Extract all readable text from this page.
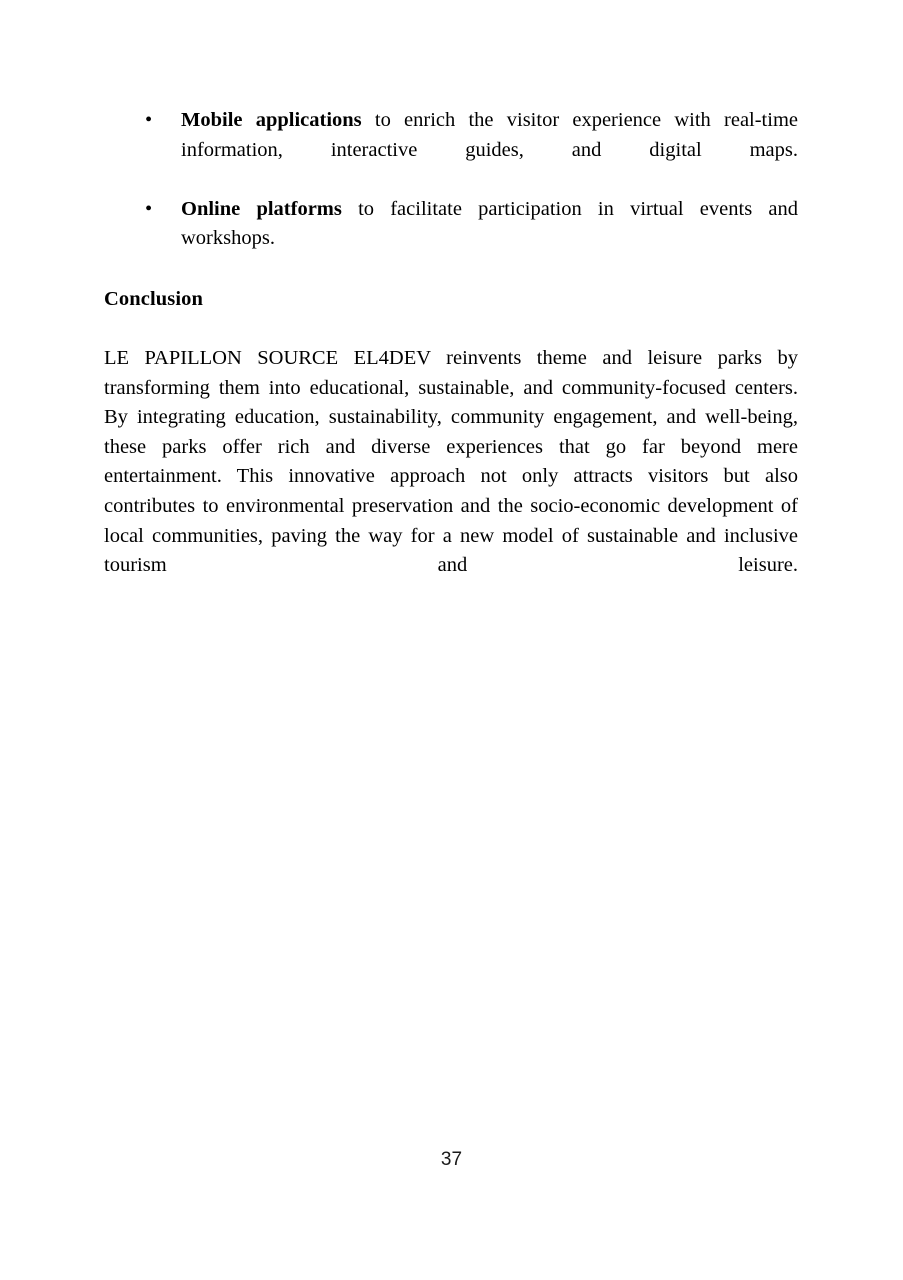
• Mobile applications to enrich the visitor experience with real-time information, interactive guides, and digital maps.
• Online platforms to facilitate participation in virtual events and workshops.
Conclusion

LE PAPILLON SOURCE EL4DEV reinvents theme and leisure parks by transforming them into educational, sustainable, and community-focused centers. By integrating education, sustainability, community engagement, and well-being, these parks offer rich and diverse experiences that go far beyond mere entertainment. This innovative approach not only attracts visitors but also contributes to environmental preservation and the socio-economic development of local communities, paving the way for a new model of sustainable and inclusive tourism and leisure.

37
